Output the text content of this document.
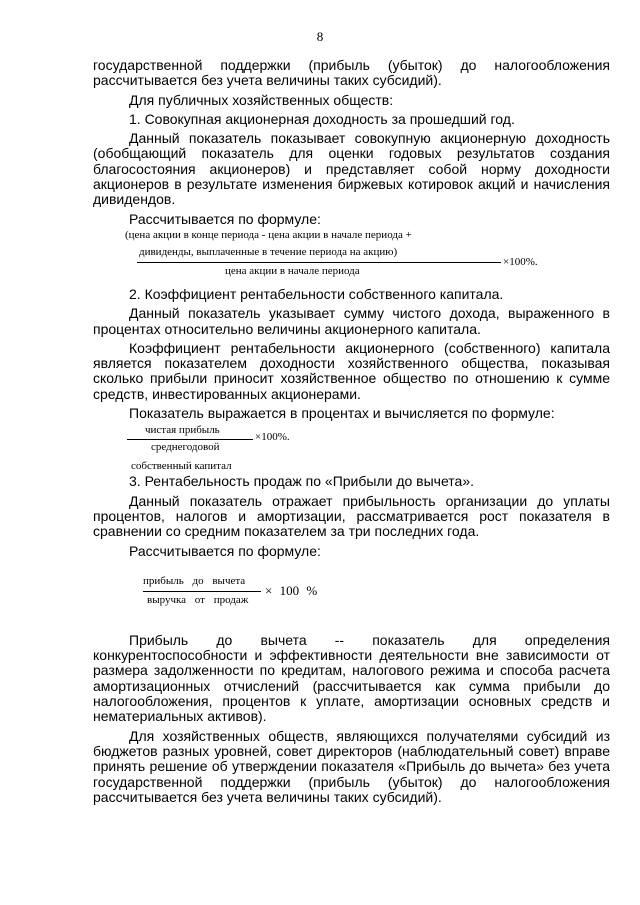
8

государственной поддержки (прибыль (убыток) до налогообложения рассчитывается без учета величины таких субсидий).

Для публичных хозяйственных обществ:

1. Совокупная акционерная доходность за прошедший год.

Данный показатель показывает совокупную акционерную доходность (обобщающий показатель для оценки годовых результатов создания благосостояния акционеров) и представляет собой норму доходности акционеров в результате изменения биржевых котировок акций и начисления дивидендов.

Рассчитывается по формуле:

(цена акции в конце периода - цена акции в начале периода +
дивиденды, выплаченные в течение периода на акцию)
цена акции в начале периода
×100%.

2. Коэффициент рентабельности собственного капитала.

Данный показатель указывает сумму чистого дохода, выраженного в процентах относительно величины акционерного капитала.

Коэффициент рентабельности акционерного (собственного) капитала является показателем доходности хозяйственного общества, показывая сколько прибыли приносит хозяйственное общество по отношению к сумме средств, инвестированных акционерами.

Показатель выражается в процентах и вычисляется по формуле:

чистая прибыль
×100%.
среднегодовой
собственный капитал

3. Рентабельность продаж по «Прибыли до вычета».

Данный показатель отражает прибыльность организации до уплаты процентов, налогов и амортизации, рассматривается рост показателя в сравнении со средним показателем за три последних года.

Рассчитывается по формуле:

прибыль до вычета
выручка от продаж
× 100 %

Прибыль до вычета -- показатель для определения конкурентоспособности и эффективности деятельности вне зависимости от размера задолженности по кредитам, налогового режима и способа расчета амортизационных отчислений (рассчитывается как сумма прибыли до налогообложения, процентов к уплате, амортизации основных средств и нематериальных активов).

Для хозяйственных обществ, являющихся получателями субсидий из бюджетов разных уровней, совет директоров (наблюдательный совет) вправе принять решение об утверждении показателя «Прибыль до вычета» без учета государственной поддержки (прибыль (убыток) до налогообложения рассчитывается без учета величины таких субсидий).
